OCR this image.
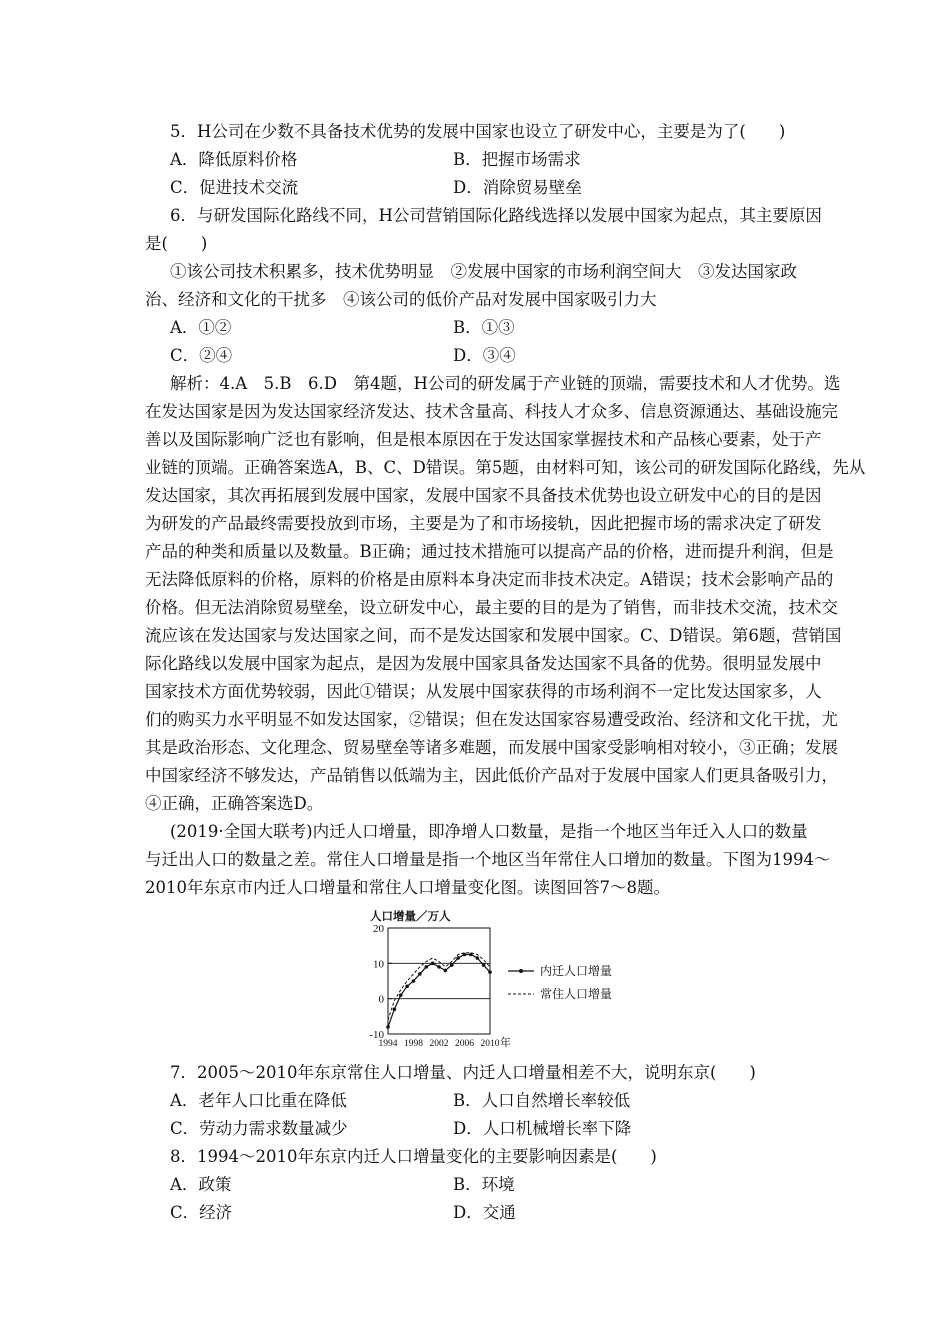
5．H公司在少数不具备技术优势的发展中国家也设立了研发中心，主要是为了(　　)
A．降低原料价格	B．把握市场需求
C．促进技术交流	D．消除贸易壁垒
6．与研发国际化路线不同，H公司营销国际化路线选择以发展中国家为起点，其主要原因
是(　　)
①该公司技术积累多，技术优势明显　②发展中国家的市场利润空间大　③发达国家政
治、经济和文化的干扰多　④该公司的低价产品对发展中国家吸引力大
A．①②	B．①③
C．②④	D．③④
解析：4.A　5.B　6.D　第4题，H公司的研发属于产业链的顶端，需要技术和人才优势。选
在发达国家是因为发达国家经济发达、技术含量高、科技人才众多、信息资源通达、基础设施完
善以及国际影响广泛也有影响，但是根本原因在于发达国家掌握技术和产品核心要素，处于产
业链的顶端。正确答案选A，B、C、D错误。第5题，由材料可知，该公司的研发国际化路线，先从
发达国家，其次再拓展到发展中国家，发展中国家不具备技术优势也设立研发中心的目的是因
为研发的产品最终需要投放到市场，主要是为了和市场接轨，因此把握市场的需求决定了研发
产品的种类和质量以及数量。B正确；通过技术措施可以提高产品的价格，进而提升利润，但是
无法降低原料的价格，原料的价格是由原料本身决定而非技术决定。A错误；技术会影响产品的
价格。但无法消除贸易壁垒，设立研发中心，最主要的目的是为了销售，而非技术交流，技术交
流应该在发达国家与发达国家之间，而不是发达国家和发展中国家。C、D错误。第6题，营销国
际化路线以发展中国家为起点，是因为发展中国家具备发达国家不具备的优势。很明显发展中
国家技术方面优势较弱，因此①错误；从发展中国家获得的市场利润不一定比发达国家多，人
们的购买力水平明显不如发达国家，②错误；但在发达国家容易遭受政治、经济和文化干扰，尤
其是政治形态、文化理念、贸易壁垒等诸多难题，而发展中国家受影响相对较小，③正确；发展
中国家经济不够发达，产品销售以低端为主，因此低价产品对于发展中国家人们更具备吸引力，
④正确，正确答案选D。
(2019·全国大联考)内迁人口增量，即净增人口数量，是指一个地区当年迁入人口的数量
与迁出人口的数量之差。常住人口增量是指一个地区当年常住人口增加的数量。下图为1994～
2010年东京市内迁人口增量和常住人口增量变化图。读图回答7～8题。
20
10
0
-10
1994 1998 2002 2006 2010 年
人口增量／万人
内迁人口增量
常住人口增量
7．2005～2010年东京常住人口增量、内迁人口增量相差不大，说明东京(　　)
A．老年人口比重在降低	B．人口自然增长率较低
C．劳动力需求数量减少	D．人口机械增长率下降
8．1994～2010年东京内迁人口增量变化的主要影响因素是(　　)
A．政策	B．环境
C．经济	D．交通
